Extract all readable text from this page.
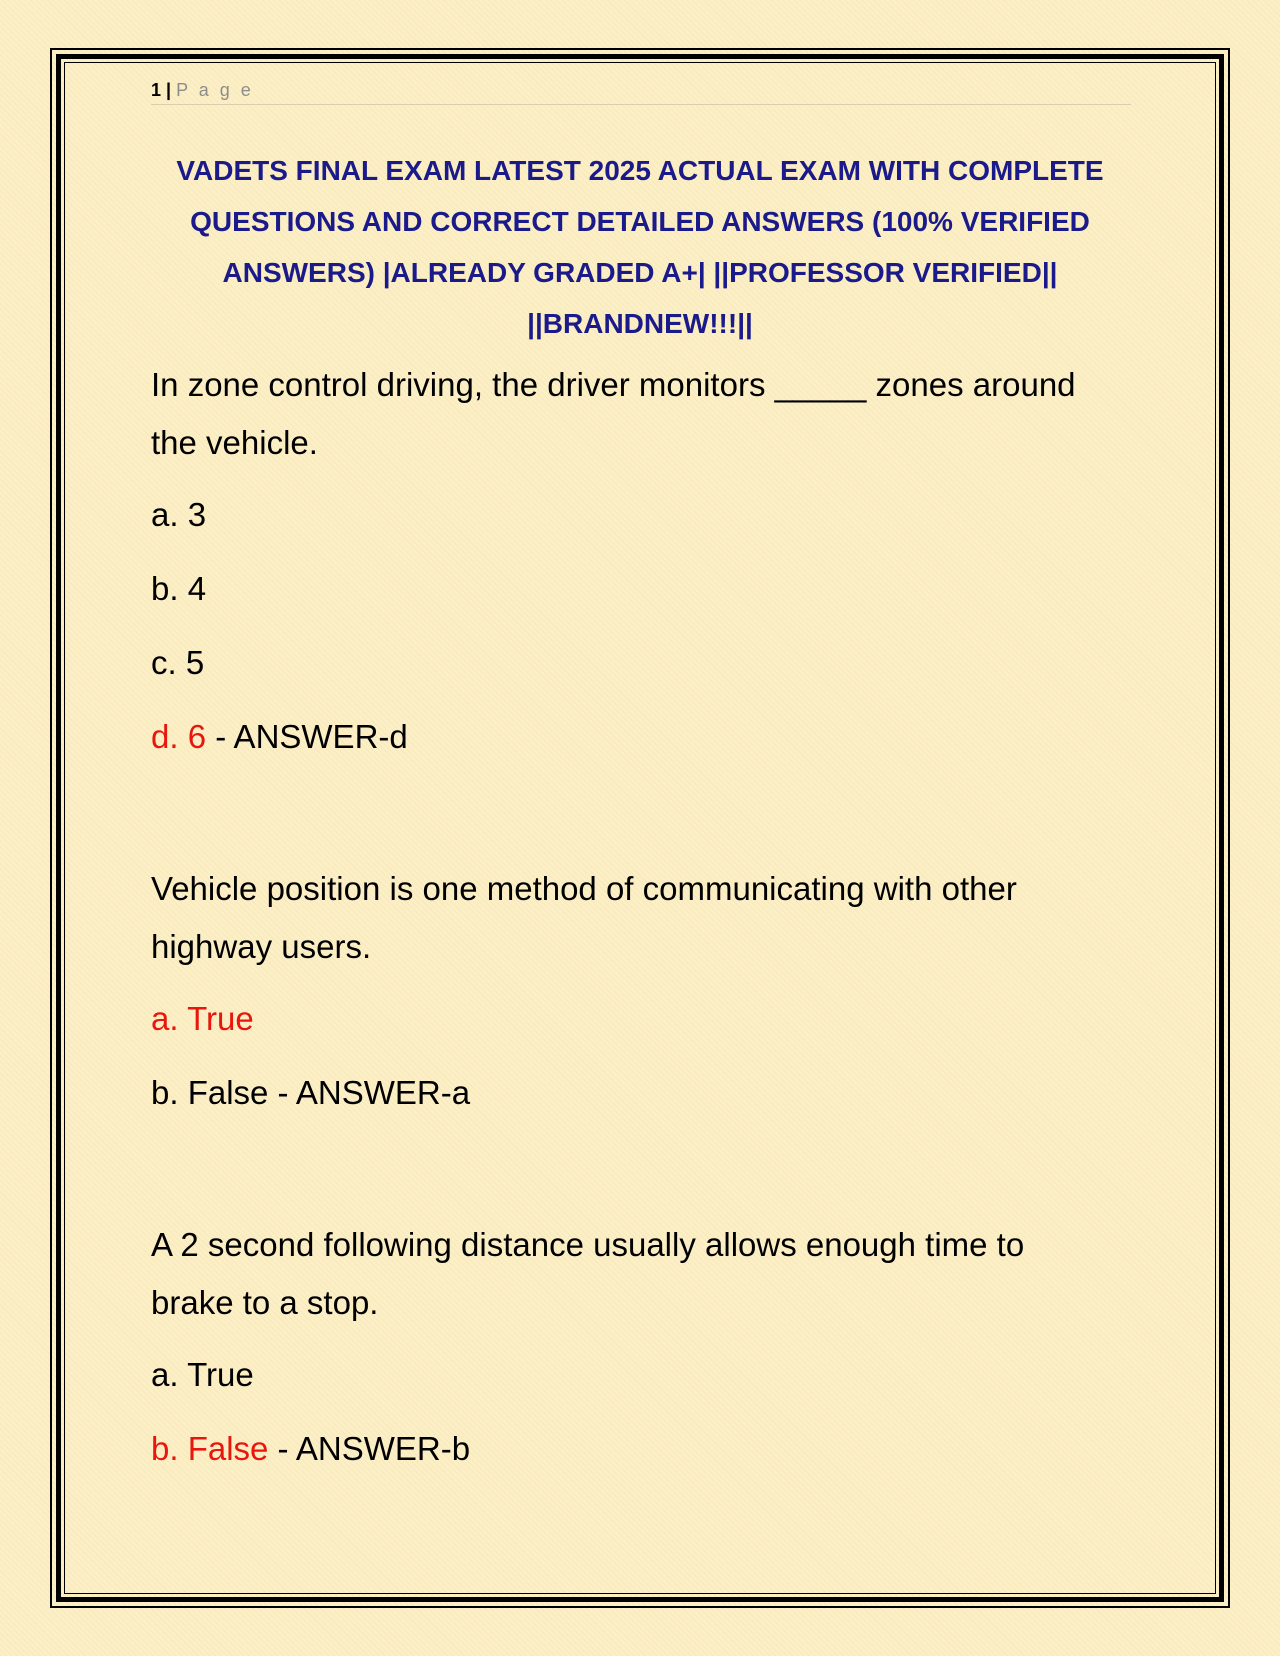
1 | P a g e
VADETS FINAL EXAM LATEST 2025 ACTUAL EXAM WITH COMPLETE
QUESTIONS AND CORRECT DETAILED ANSWERS (100% VERIFIED
ANSWERS) |ALREADY GRADED A+| ||PROFESSOR VERIFIED||
||BRANDNEW!!!||
In zone control driving, the driver monitors _____ zones around
the vehicle.
a. 3
b. 4
c. 5
d. 6 - ANSWER-d
Vehicle position is one method of communicating with other
highway users.
a. True
b. False - ANSWER-a
A 2 second following distance usually allows enough time to
brake to a stop.
a. True
b. False - ANSWER-b
